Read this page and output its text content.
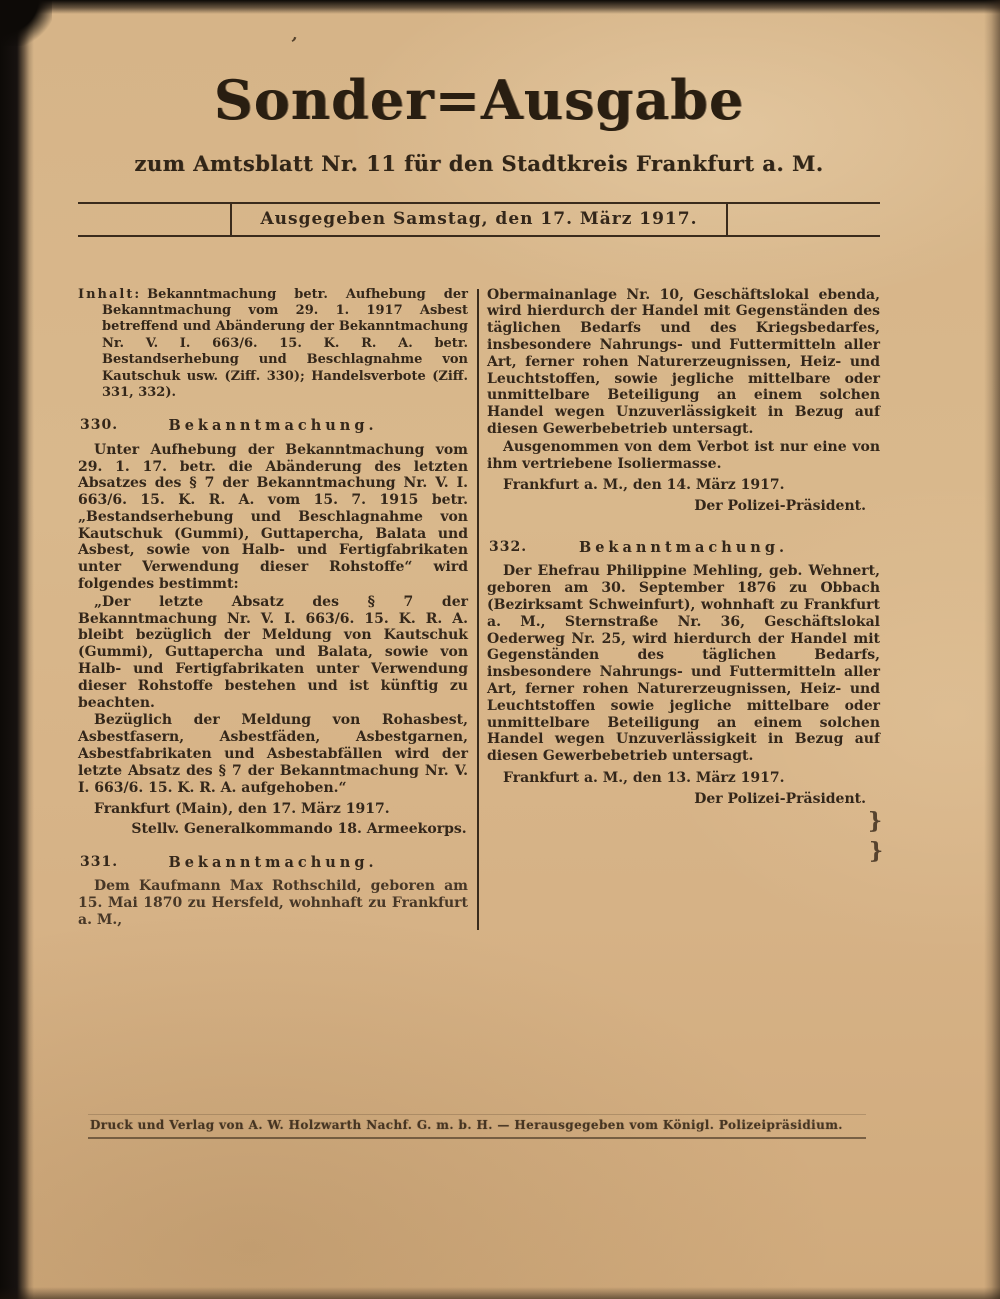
’
}
}
Sonder=Ausgabe
zum Amtsblatt Nr. 11 für den Stadtkreis Frankfurt a. M.
Ausgegeben Samstag, den 17. März 1917.

Inhalt: Bekanntmachung betr. Aufhebung der Bekanntmachung vom 29. 1. 1917 Asbest betreffend und Abänderung der Bekanntmachung Nr. V. I. 663/6. 15. K. R. A. betr. Bestandserhebung und Beschlagnahme von Kautschuk usw. (Ziff. 330); Handelsverbote (Ziff. 331, 332).

330.	Bekanntmachung.

Unter Aufhebung der Bekanntmachung vom 29. 1. 17. betr. die Abänderung des letzten Absatzes des § 7 der Bekanntmachung Nr. V. I. 663/6. 15. K. R. A. vom 15. 7. 1915 betr. „Bestandserhebung und Beschlagnahme von Kautschuk (Gummi), Guttapercha, Balata und Asbest, sowie von Halb- und Fertigfabrikaten unter Verwendung dieser Rohstoffe“ wird folgendes bestimmt:

„Der letzte Absatz des § 7 der Bekanntmachung Nr. V. I. 663/6. 15. K. R. A. bleibt bezüglich der Meldung von Kautschuk (Gummi), Guttapercha und Balata, sowie von Halb- und Fertigfabrikaten unter Verwendung dieser Rohstoffe bestehen und ist künftig zu beachten.

Bezüglich der Meldung von Rohasbest, Asbestfasern, Asbestfäden, Asbestgarnen, Asbestfabrikaten und Asbestabfällen wird der letzte Absatz des § 7 der Bekanntmachung Nr. V. I. 663/6. 15. K. R. A. aufgehoben.“

Frankfurt (Main), den 17. März 1917.

Stellv. Generalkommando 18. Armeekorps.

331.	Bekanntmachung.

Dem Kaufmann Max Rothschild, geboren am 15. Mai 1870 zu Hersfeld, wohnhaft zu Frankfurt a. M.,

Obermainanlage Nr. 10, Geschäftslokal ebenda, wird hierdurch der Handel mit Gegenständen des täglichen Bedarfs und des Kriegsbedarfes, insbesondere Nahrungs- und Futtermitteln aller Art, ferner rohen Naturerzeugnissen, Heiz- und Leuchtstoffen, sowie jegliche mittelbare oder unmittelbare Beteiligung an einem solchen Handel wegen Unzuverlässigkeit in Bezug auf diesen Gewerbebetrieb untersagt.

Ausgenommen von dem Verbot ist nur eine von ihm vertriebene Isoliermasse.

Frankfurt a. M., den 14. März 1917.

Der Polizei-Präsident.

332.	Bekanntmachung.

Der Ehefrau Philippine Mehling, geb. Wehnert, geboren am 30. September 1876 zu Obbach (Bezirksamt Schweinfurt), wohnhaft zu Frankfurt a. M., Sternstraße Nr. 36, Geschäftslokal Oederweg Nr. 25, wird hierdurch der Handel mit Gegenständen des täglichen Bedarfs, insbesondere Nahrungs- und Futtermitteln aller Art, ferner rohen Naturerzeugnissen, Heiz- und Leuchtstoffen sowie jegliche mittelbare oder unmittelbare Beteiligung an einem solchen Handel wegen Unzuverlässigkeit in Bezug auf diesen Gewerbebetrieb untersagt.

Frankfurt a. M., den 13. März 1917.

Der Polizei-Präsident.

Druck und Verlag von A. W. Holzwarth Nachf. G. m. b. H. — Herausgegeben vom Königl. Polizeipräsidium.
